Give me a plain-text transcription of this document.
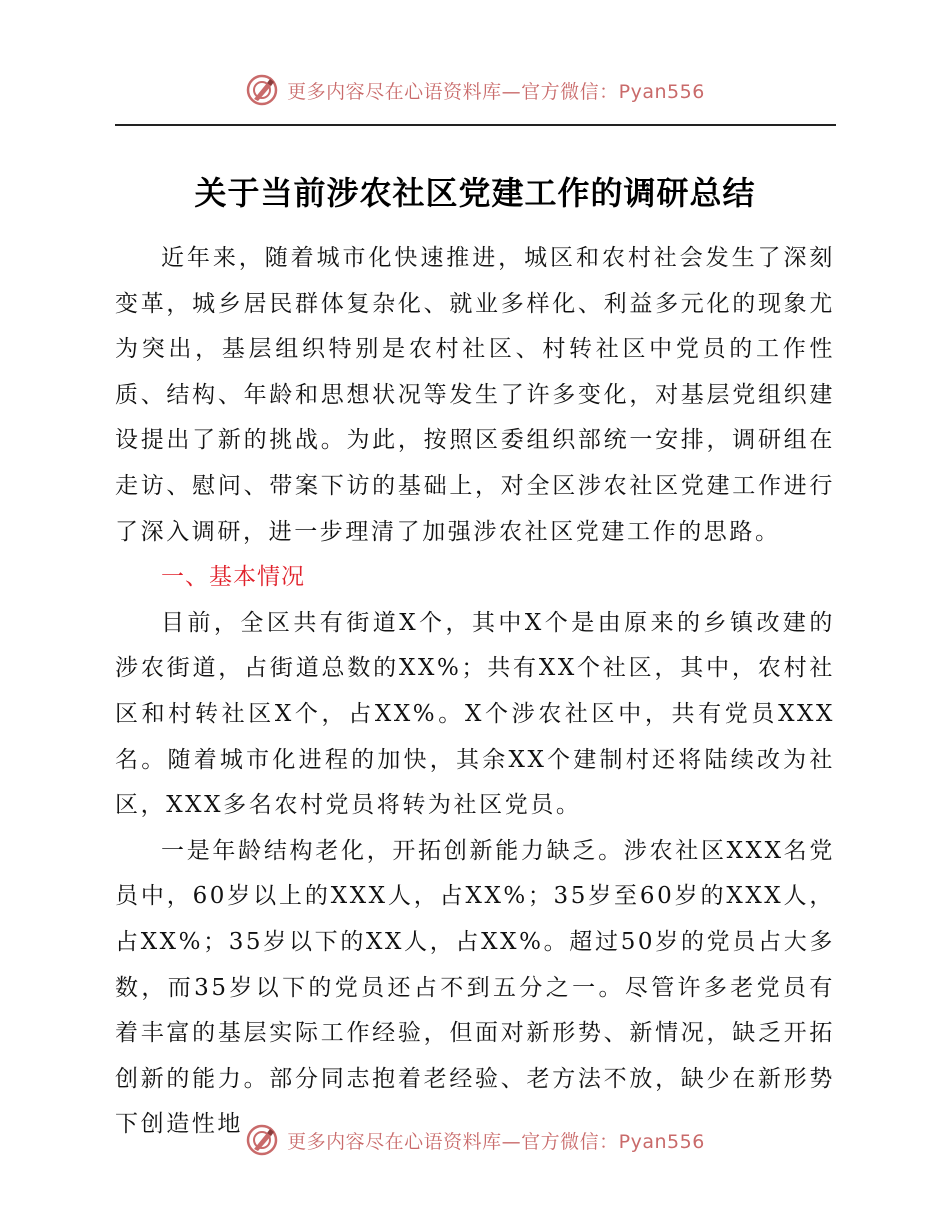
更多内容尽在心语资料库—官方微信：Pyan556
关于当前涉农社区党建工作的调研总结

近年来，随着城市化快速推进，城区和农村社会发生了深刻变革，城乡居民群体复杂化、就业多样化、利益多元化的现象尤为突出，基层组织特别是农村社区、村转社区中党员的工作性质、结构、年龄和思想状况等发生了许多变化，对基层党组织建设提出了新的挑战。为此，按照区委组织部统一安排，调研组在走访、慰问、带案下访的基础上，对全区涉农社区党建工作进行了深入调研，进一步理清了加强涉农社区党建工作的思路。

一、基本情况

目前，全区共有街道X个，其中X个是由原来的乡镇改建的涉农街道，占街道总数的XX%；共有XX个社区，其中，农村社区和村转社区X个，占XX%。X个涉农社区中，共有党员XXX名。随着城市化进程的加快，其余XX个建制村还将陆续改为社区，XXX多名农村党员将转为社区党员。

一是年龄结构老化，开拓创新能力缺乏。涉农社区XXX名党员中，60岁以上的XXX人，占XX%；35岁至60岁的XXX人，占XX%；35岁以下的XX人，占XX%。超过50岁的党员占大多数，而35岁以下的党员还占不到五分之一。尽管许多老党员有着丰富的基层实际工作经验，但面对新形势、新情况，缺乏开拓创新的能力。部分同志抱着老经验、老方法不放，缺少在新形势下创造性地

更多内容尽在心语资料库—官方微信：Pyan556
